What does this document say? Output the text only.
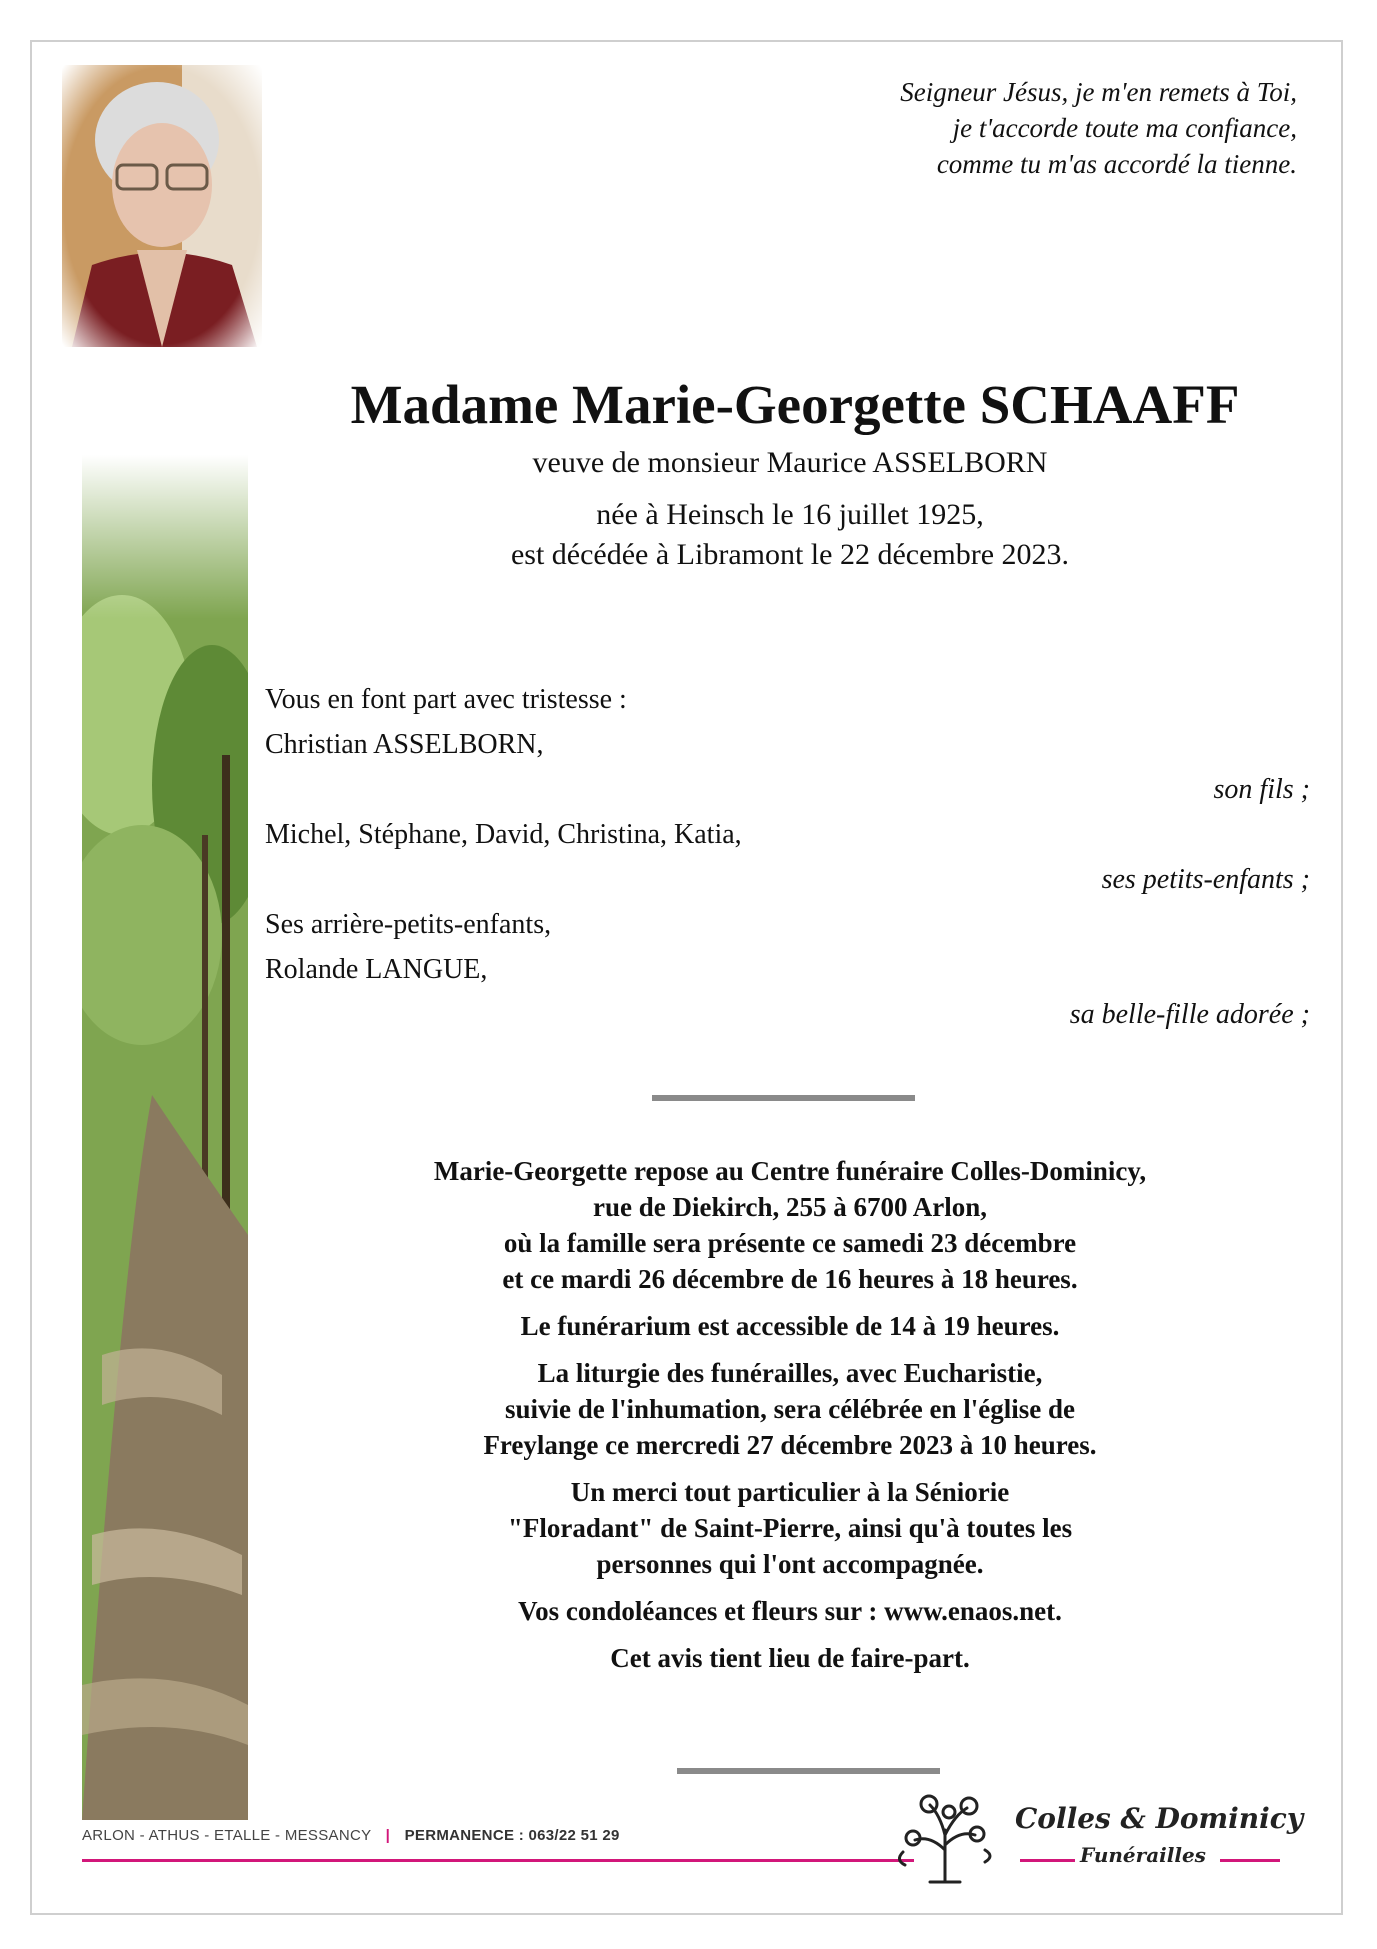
Seigneur Jésus, je m'en remets à Toi,
je t'accorde toute ma confiance,
comme tu m'as accordé la tienne.
Madame Marie-Georgette SCHAAFF
veuve de monsieur Maurice ASSELBORN
née à Heinsch le 16 juillet 1925,
est décédée à Libramont le 22 décembre 2023.
Vous en font part avec tristesse :
Christian ASSELBORN,
son fils ;
Michel, Stéphane, David, Christina, Katia,
ses petits-enfants ;
Ses arrière-petits-enfants,
Rolande LANGUE,
sa belle-fille adorée ;
Marie-Georgette repose au Centre funéraire Colles-Dominicy,
rue de Diekirch, 255 à 6700 Arlon,
où la famille sera présente ce samedi 23 décembre
et ce mardi 26 décembre de 16 heures à 18 heures.
Le funérarium est accessible de 14 à 19 heures.
La liturgie des funérailles, avec Eucharistie,
suivie de l'inhumation, sera célébrée en l'église de
Freylange ce mercredi 27 décembre 2023 à 10 heures.
Un merci tout particulier à la Séniorie
"Floradant" de Saint-Pierre, ainsi qu'à toutes les
personnes qui l'ont accompagnée.
Vos condoléances et fleurs sur : www.enaos.net.
Cet avis tient lieu de faire-part.
ARLON - ATHUS - ETALLE - MESSANCY | PERMANENCE : 063/22 51 29
Colles & Dominicy
Funérailles
